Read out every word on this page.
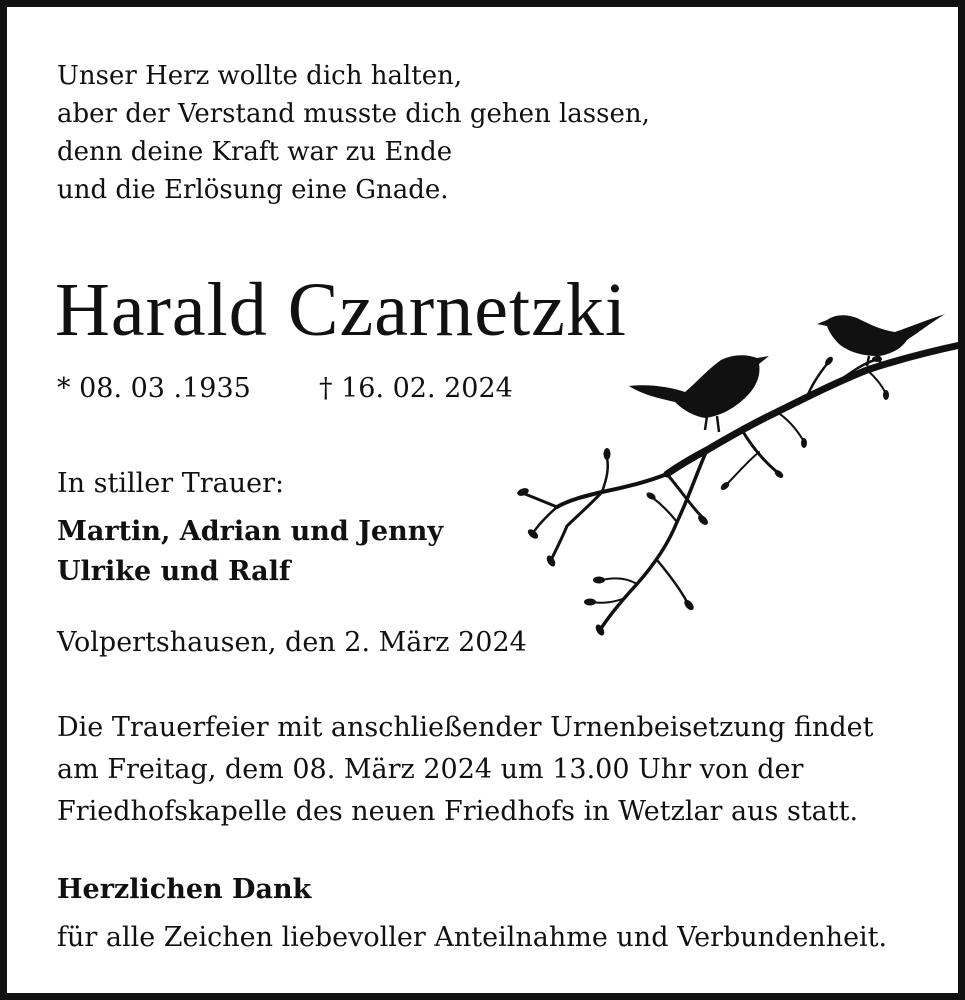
Unser Herz wollte dich halten,
aber der Verstand musste dich gehen lassen,
denn deine Kraft war zu Ende
und die Erlösung eine Gnade.
Harald Czarnetzki
* 08. 03 .1935	† 16. 02. 2024
In stiller Trauer:
Martin, Adrian und Jenny
Ulrike und Ralf
Volpertshausen, den 2. März 2024
Die Trauerfeier mit anschließender Urnenbeisetzung findet
am Freitag, dem 08. März 2024 um 13.00 Uhr von der
Friedhofskapelle des neuen Friedhofs in Wetzlar aus statt.
Herzlichen Dank
für alle Zeichen liebevoller Anteilnahme und Verbundenheit.
